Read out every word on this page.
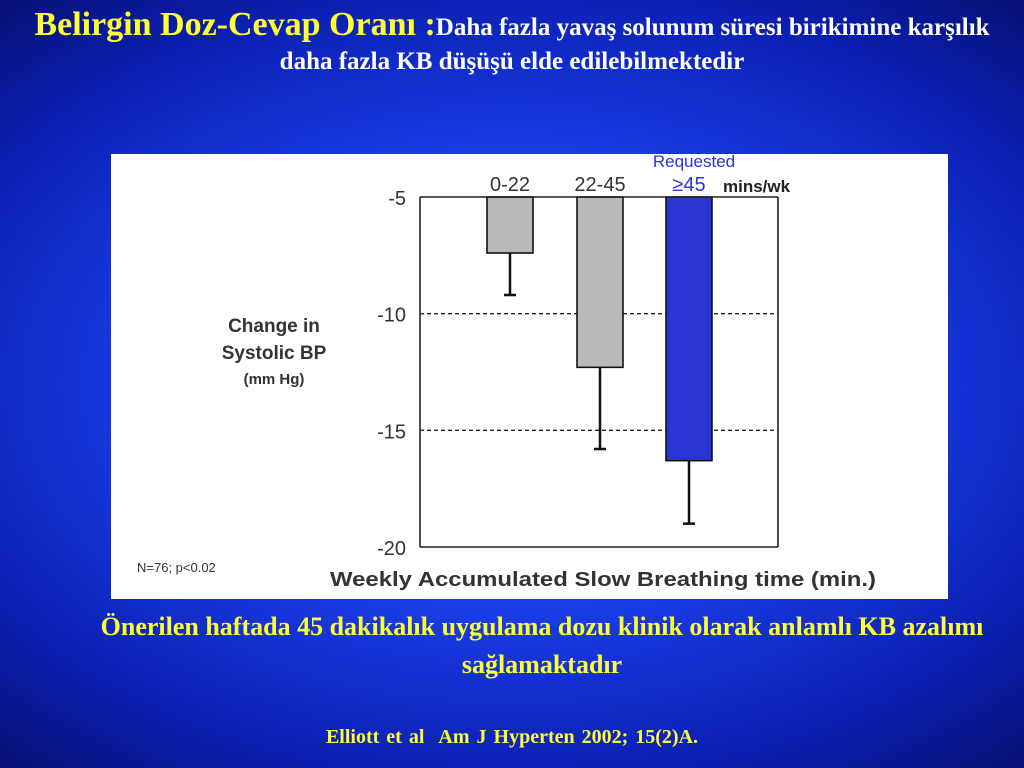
Belirgin Doz-Cevap Oranı :Daha fazla yavaş solunum süresi birikimine karşılık daha fazla KB düşüşü elde edilebilmektedir
0-22 22-45 ≥45
-5
-10
-15
-20
Change in
Systolic BP
(mm Hg)
Requested
mins/wk
Weekly Accumulated Slow Breathing time (min.)
N=76; p<0.02
Önerilen haftada 45 dakikalık uygulama dozu klinik olarak anlamlı KB azalımı sağlamaktadır
Elliott et al Am J Hyperten 2002; 15(2)A.
